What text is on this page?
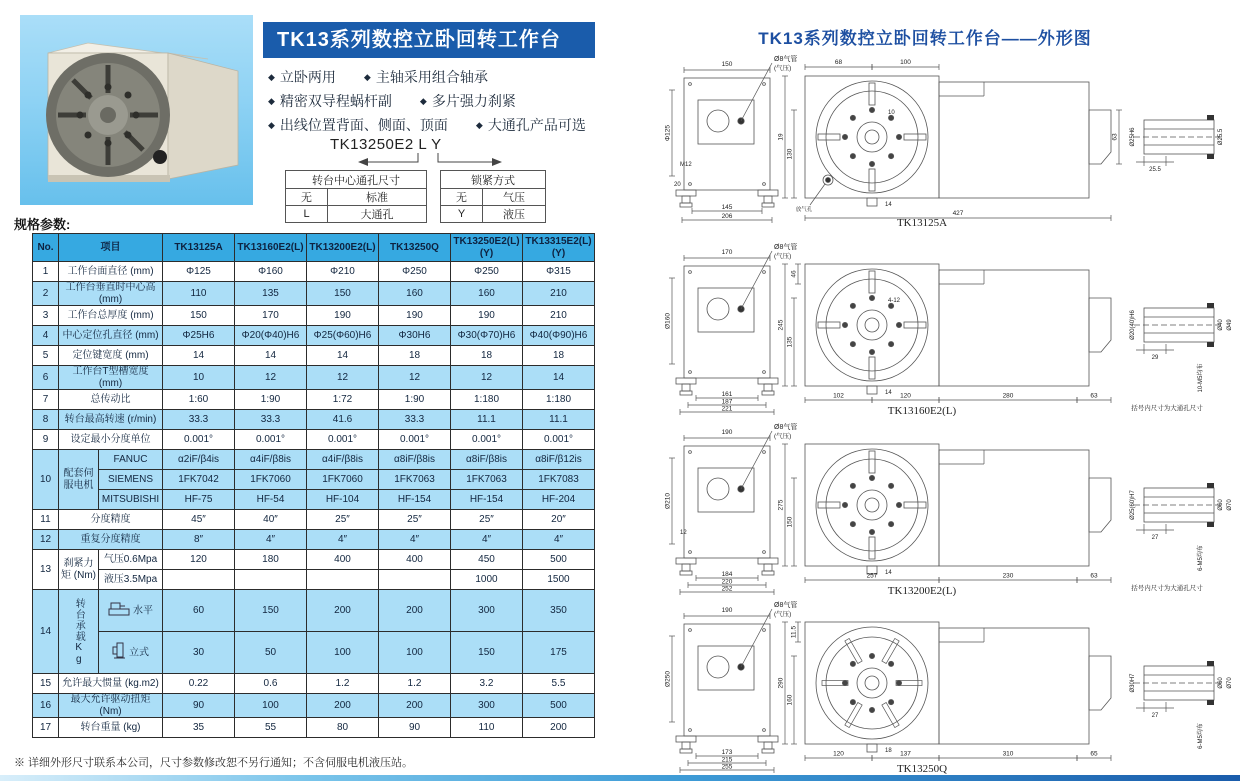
TK13系列数控立卧回转工作台
◆ 立卧两用	◆ 主轴采用组合轴承
◆ 精密双导程蜗杆副	◆ 多片强力刹紧
◆ 出线位置背面、侧面、顶面	◆ 大通孔产品可选
TK13250E2 L Y
转台中心通孔尺寸	
无	标准
L	大通孔
锁紧方式	
无	气压
Y	液压
规格参数:
No.	项目		TK13125A	TK13160E2(L)	TK13200E2(L)	TK13250Q	TK13250E2(L)(Y)	TK13315E2(L)(Y)
1	工作台面直径 (mm)		Φ125	Φ160	Φ210	Φ250	Φ250	Φ315
2	工作台垂直时中心高 (mm)		110	135	150	160	160	210
3	工作台总厚度 (mm)		150	170	190	190	190	210
4	中心定位孔直径 (mm)		Φ25H6	Φ20(Φ40)H6	Φ25(Φ60)H6	Φ30H6	Φ30(Φ70)H6	Φ40(Φ90)H6
5	定位键宽度 (mm)		14	14	14	18	18	18
6	工作台T型槽宽度 (mm)		10	12	12	12	12	14
7	总传动比		1:60	1:90	1:72	1:90	1:180	1:180
8	转台最高转速 (r/min)		33.3	33.3	41.6	33.3	11.1	11.1
9	设定最小分度单位		0.001°	0.001°	0.001°	0.001°	0.001°	0.001°
10	配套伺服电机	FANUC	α2iF/β4is	α4iF/β8is	α4iF/β8is	α8iF/β8is	α8iF/β8is	α8iF/β12is
		SIEMENS	1FK7042	1FK7060	1FK7060	1FK7063	1FK7063	1FK7083
		MITSUBISHI	HF-75	HF-54	HF-104	HF-154	HF-154	HF-204
11	分度精度		45″	40″	25″	25″	25″	20″
12	重复分度精度		8″	4″	4″	4″	4″	4″
13	刹紧力矩 (Nm)	气压0.6Mpa	120	180	400	400	450	500
		液压3.5Mpa					1000	1500
14	转台承载Kg	水平	60	150	200	200	300	350
		立式	30	50	100	100	150	175
15	允许最大惯量 (kg.m2)		0.22	0.6	1.2	1.2	3.2	5.5
16	最大允许驱动扭矩 (Nm)		90	100	200	200	300	500
17	转台重量 (kg)		35	55	80	90	110	200
※ 详细外形尺寸联系本公司，尺寸参数修改恕不另行通知；不含伺服电机液压站。
TK13系列数控立卧回转工作台——外形图
Ø8气管
(气压)
150
Φ125
M12
20
145
206
14
10
放气孔
68	100
19
130
427
63 Ø25H6	Ø25.5
25.5
TK13125A
Ø8气管
(气压)
170
Ø160
161
187
221
14
4-12
46
245
135
102	120	280	63
Ø20(40)H6	Ø40 Ø49
29
10-M5均布
括号内尺寸为大通孔尺寸
TK13160E2(L)
Ø8气管
(气压)
190
Ø210
12
184
220
252
14
275
150
257	230	63
Ø25(60)H7	Ø60 Ø70
27
6-M5均布
括号内尺寸为大通孔尺寸
TK13200E2(L)
Ø8气管
(气压)
190
Ø250
173
215
255
18
11.5
290
160
120	137	310	65
Ø30H7	Ø60 Ø70
27
6-M5均布
TK13250Q
